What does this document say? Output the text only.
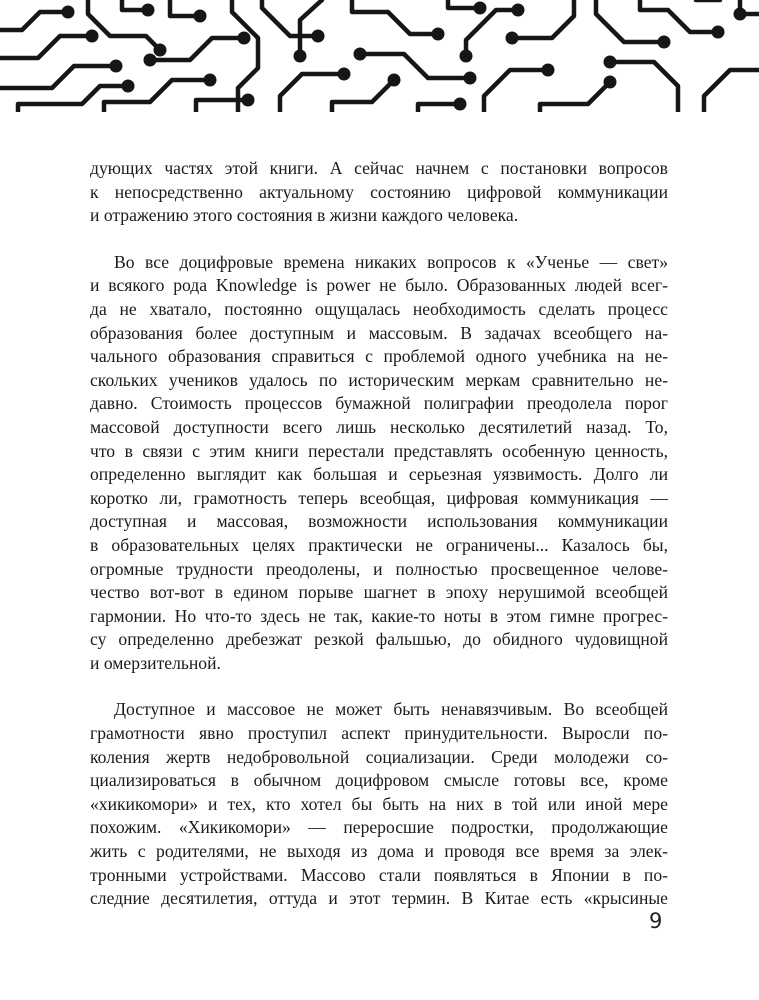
дующих частях этой книги. А сейчас начнем с постановки вопросов
к непосредственно актуальному состоянию цифровой коммуникации
и отражению этого состояния в жизни каждого человека.
Во все доцифровые времена никаких вопросов к «Ученье — свет»
и всякого рода Knowledge is power не было. Образованных людей всег-
да не хватало, постоянно ощущалась необходимость сделать процесс
образования более доступным и массовым. В задачах всеобщего на-
чального образования справиться с проблемой одного учебника на не-
скольких учеников удалось по историческим меркам сравнительно не-
давно. Стоимость процессов бумажной полиграфии преодолела порог
массовой доступности всего лишь несколько десятилетий назад. То,
что в связи с этим книги перестали представлять особенную ценность,
определенно выглядит как большая и серьезная уязвимость. Долго ли
коротко ли, грамотность теперь всеобщая, цифровая коммуникация —
доступная и массовая, возможности использования коммуникации
в образовательных целях практически не ограничены... Казалось бы,
огромные трудности преодолены, и полностью просвещенное челове-
чество вот-вот в едином порыве шагнет в эпоху нерушимой всеобщей
гармонии. Но что-то здесь не так, какие-то ноты в этом гимне прогрес-
су определенно дребезжат резкой фальшью, до обидного чудовищной
и омерзительной.
Доступное и массовое не может быть ненавязчивым. Во всеобщей
грамотности явно проступил аспект принудительности. Выросли по-
коления жертв недобровольной социализации. Среди молодежи со-
циализироваться в обычном доцифровом смысле готовы все, кроме
«хикикомори» и тех, кто хотел бы быть на них в той или иной мере
похожим. «Хикикомори» — переросшие подростки, продолжающие
жить с родителями, не выходя из дома и проводя все время за элек-
тронными устройствами. Массово стали появляться в Японии в по-
следние десятилетия, оттуда и этот термин. В Китае есть «крысиные
9
